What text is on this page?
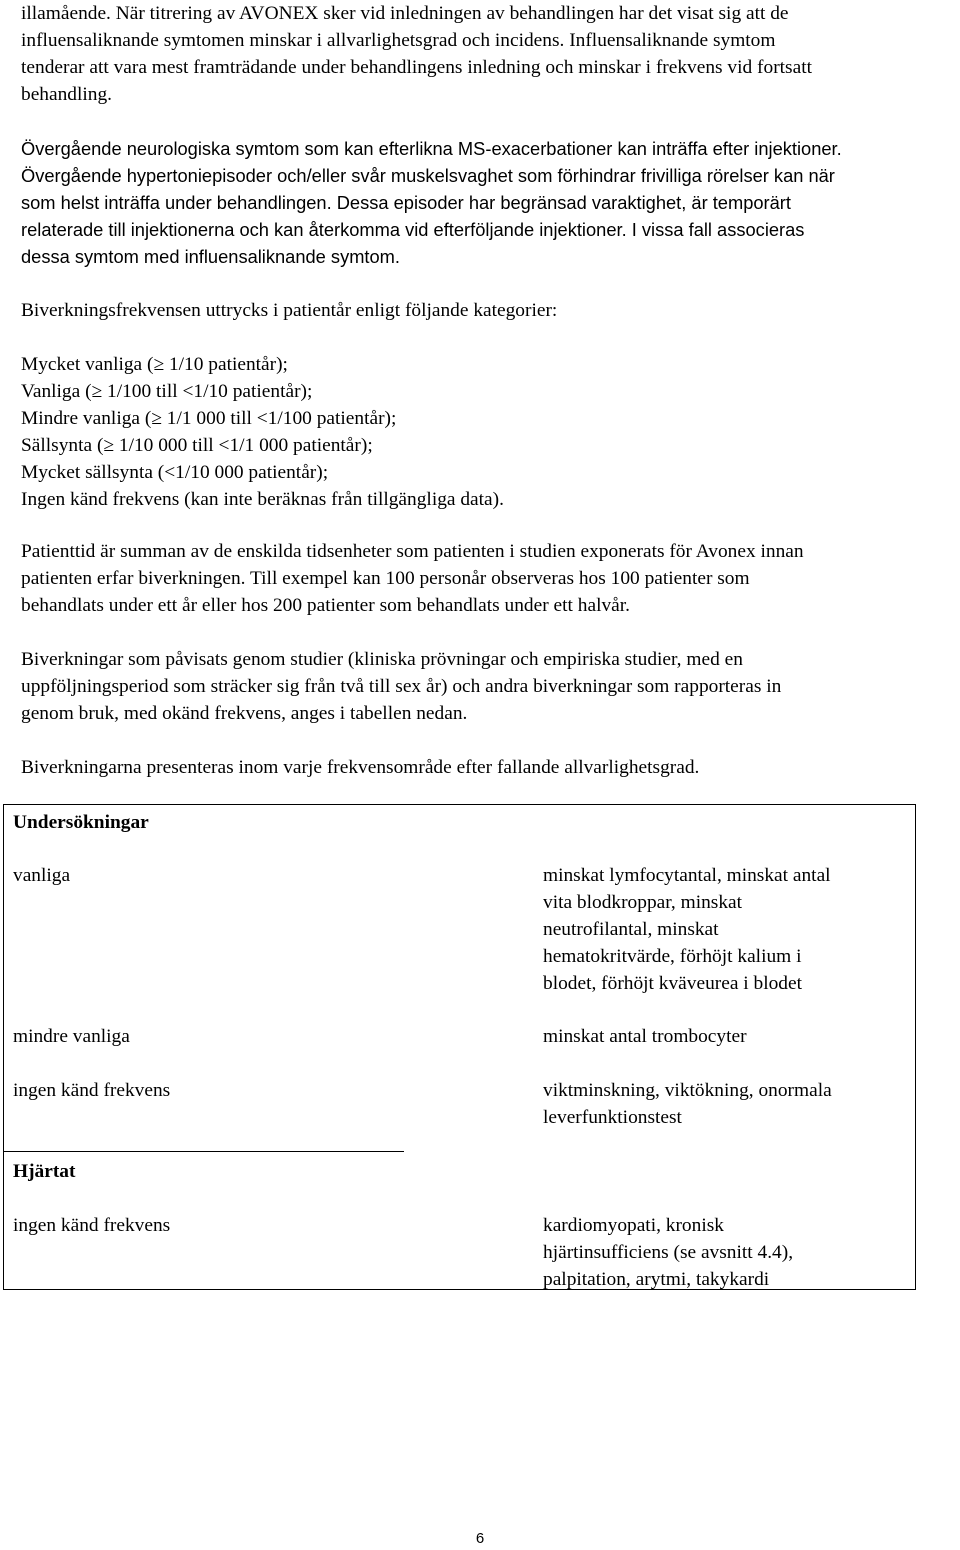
illamående. När titrering av AVONEX sker vid inledningen av behandlingen har det visat sig att de
influensaliknande symtomen minskar i allvarlighetsgrad och incidens. Influensaliknande symtom
tenderar att vara mest framträdande under behandlingens inledning och minskar i frekvens vid fortsatt
behandling.

Övergående neurologiska symtom som kan efterlikna MS-exacerbationer kan inträffa efter injektioner.
Övergående hypertoniepisoder och/eller svår muskelsvaghet som förhindrar frivilliga rörelser kan när
som helst inträffa under behandlingen. Dessa episoder har begränsad varaktighet, är temporärt
relaterade till injektionerna och kan återkomma vid efterföljande injektioner. I vissa fall associeras
dessa symtom med influensaliknande symtom.

Biverkningsfrekvensen uttrycks i patientår enligt följande kategorier:

Mycket vanliga (≥ 1/10 patientår);
Vanliga (≥ 1/100 till <1/10 patientår);
Mindre vanliga (≥ 1/1 000 till <1/100 patientår);
Sällsynta (≥ 1/10 000 till <1/1 000 patientår);
Mycket sällsynta (<1/10 000 patientår);
Ingen känd frekvens (kan inte beräknas från tillgängliga data).

Patienttid är summan av de enskilda tidsenheter som patienten i studien exponerats för Avonex innan
patienten erfar biverkningen. Till exempel kan 100 personår observeras hos 100 patienter som
behandlats under ett år eller hos 200 patienter som behandlats under ett halvår.

Biverkningar som påvisats genom studier (kliniska prövningar och empiriska studier, med en
uppföljningsperiod som sträcker sig från två till sex år) och andra biverkningar som rapporteras in
genom bruk, med okänd frekvens, anges i tabellen nedan.

Biverkningarna presenteras inom varje frekvensområde efter fallande allvarlighetsgrad.

Undersökningar
vanliga	minskat lymfocytantal, minskat antal
vita blodkroppar, minskat
neutrofilantal, minskat
hematokritvärde, förhöjt kalium i
blodet, förhöjt kväveurea i blodet
mindre vanliga	minskat antal trombocyter
ingen känd frekvens	viktminskning, viktökning, onormala
leverfunktionstest
Hjärtat
ingen känd frekvens	kardiomyopati, kronisk
hjärtinsufficiens (se avsnitt 4.4),
palpitation, arytmi, takykardi
6
